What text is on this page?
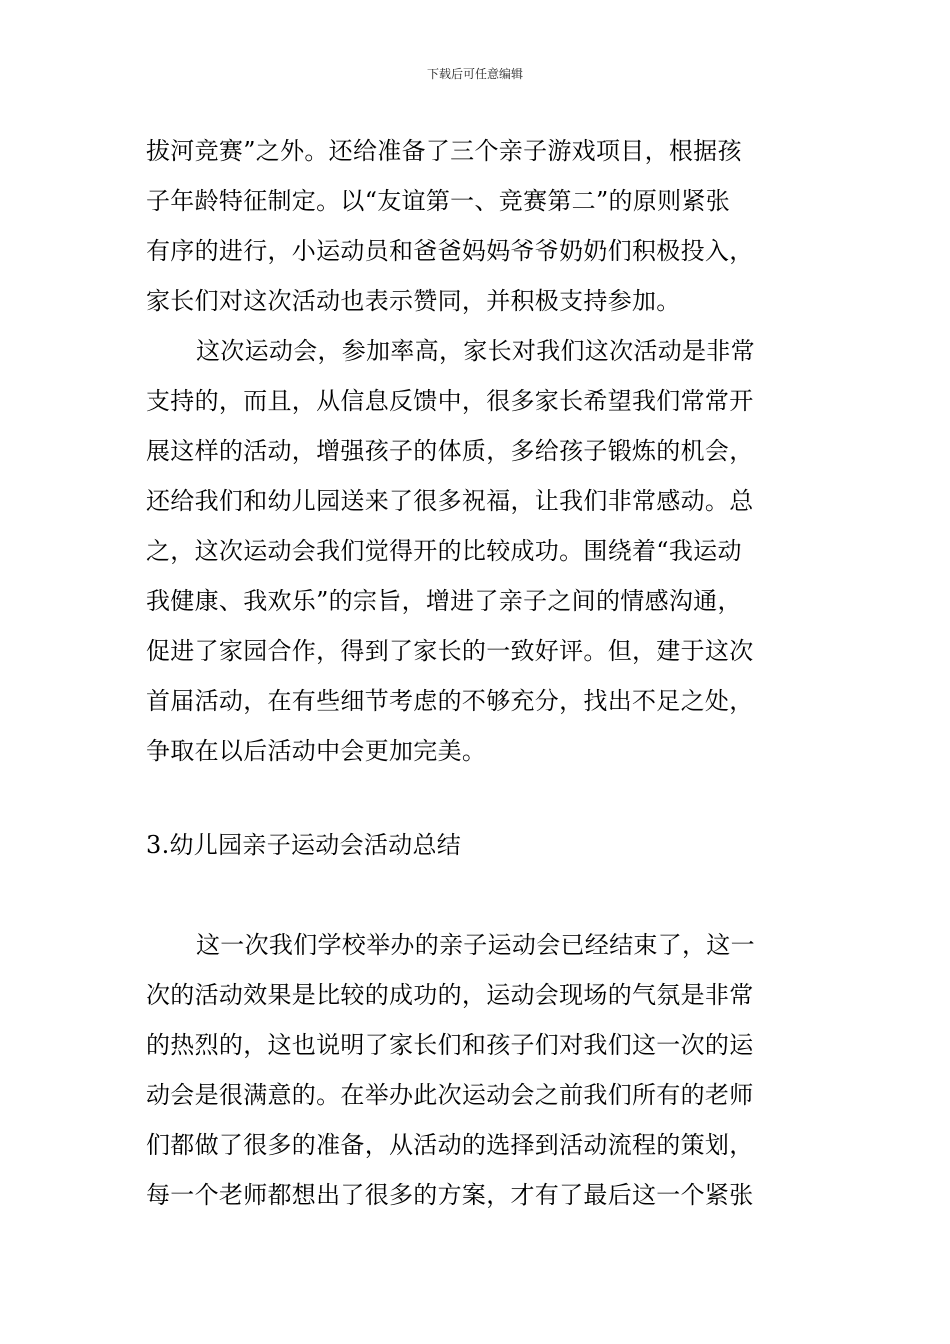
下载后可任意编辑
拔河竞赛”之外。还给准备了三个亲子游戏项目，根据孩
子年龄特征制定。以“友谊第一、竞赛第二”的原则紧张
有序的进行，小运动员和爸爸妈妈爷爷奶奶们积极投入，
家长们对这次活动也表示赞同，并积极支持参加。
这次运动会，参加率高，家长对我们这次活动是非常
支持的，而且，从信息反馈中，很多家长希望我们常常开
展这样的活动，增强孩子的体质，多给孩子锻炼的机会，
还给我们和幼儿园送来了很多祝福，让我们非常感动。总
之，这次运动会我们觉得开的比较成功。围绕着“我运动
我健康、我欢乐”的宗旨，增进了亲子之间的情感沟通，
促进了家园合作，得到了家长的一致好评。但，建于这次
首届活动，在有些细节考虑的不够充分，找出不足之处，
争取在以后活动中会更加完美。
3.幼儿园亲子运动会活动总结
这一次我们学校举办的亲子运动会已经结束了，这一
次的活动效果是比较的成功的，运动会现场的气氛是非常
的热烈的，这也说明了家长们和孩子们对我们这一次的运
动会是很满意的。在举办此次运动会之前我们所有的老师
们都做了很多的准备，从活动的选择到活动流程的策划，
每一个老师都想出了很多的方案，才有了最后这一个紧张
